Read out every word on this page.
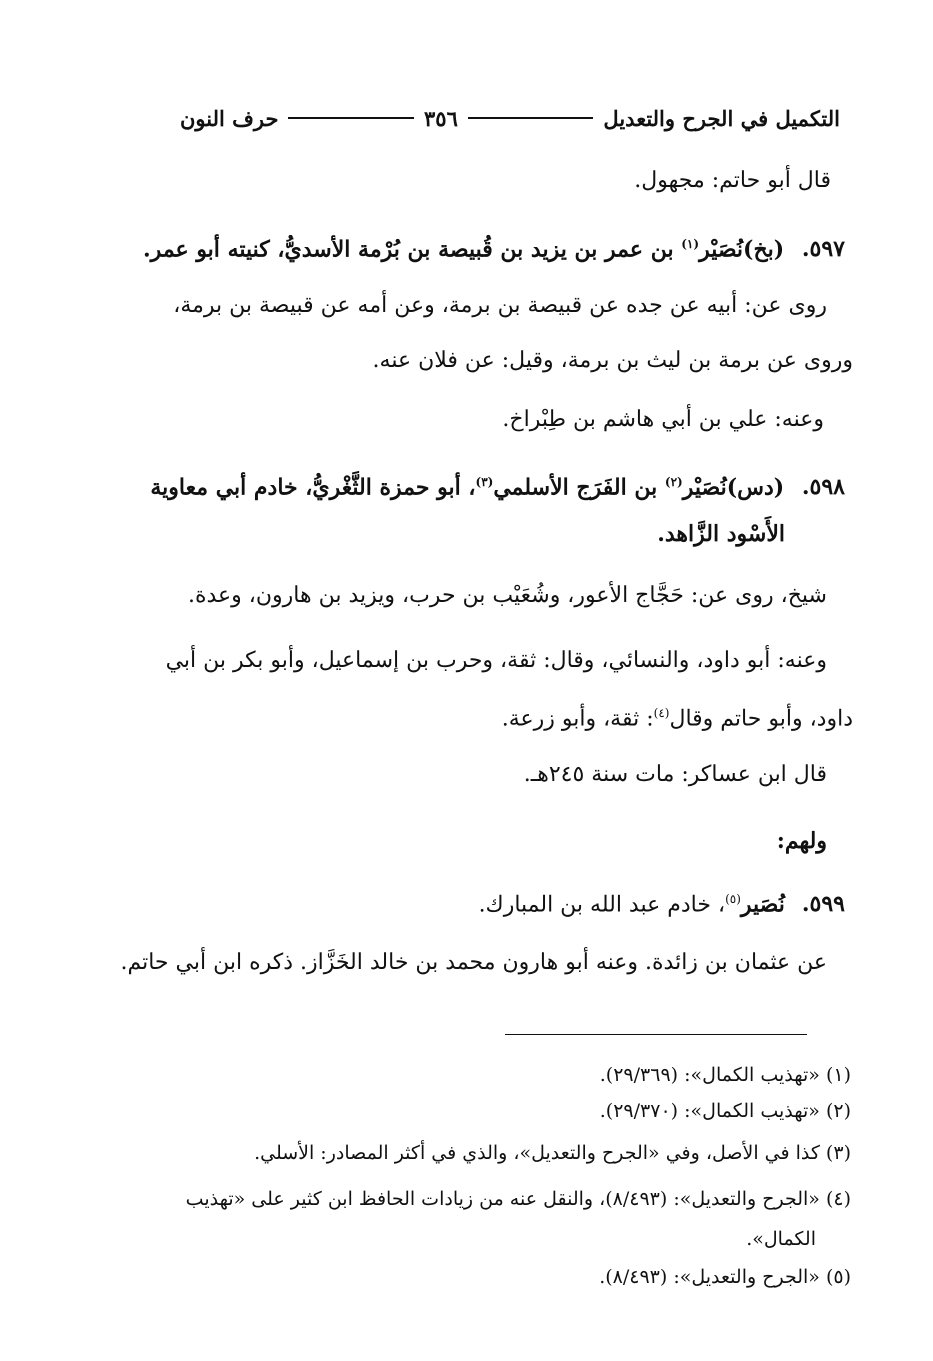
التكميل في الجرح والتعديل
٣٥٦
حرف النون
قال أبو حاتم: مجهول.
٥٩٧. (بخ)نُصَيْر$^{(١)}$ بن عمر بن يزيد بن قُبيصة بن بُرْمة الأسديُّ، كنيته أبو عمر.
روى عن: أبيه عن جده عن قبيصة بن برمة، وعن أمه عن قبيصة بن برمة،
وروى عن برمة بن ليث بن برمة، وقيل: عن فلان عنه.
وعنه: علي بن أبي هاشم بن طِبْراخ.
٥٩٨. (دس)نُصَيْر$^{(٢)}$ بن الفَرَج الأسلمي$^{(٣)}$، أبو حمزة الثَّغْريُّ، خادم أبي معاوية
الأَسْود الزَّاهد.
شيخ، روى عن: حَجَّاج الأعور، وشُعَيْب بن حرب، ويزيد بن هارون، وعدة.
وعنه: أبو داود، والنسائي، وقال: ثقة، وحرب بن إسماعيل، وأبو بكر بن أبي
داود، وأبو حاتم وقال$^{(٤)}$: ثقة، وأبو زرعة.
قال ابن عساكر: مات سنة ٢٤٥هـ.
ولهم:
٥٩٩. نُصَير$^{(٥)}$، خادم عبد الله بن المبارك.
عن عثمان بن زائدة. وعنه أبو هارون محمد بن خالد الخَزَّاز. ذكره ابن أبي حاتم.
(١) «تهذيب الكمال»: (٢٩/٣٦٩).
(٢) «تهذيب الكمال»: (٢٩/٣٧٠).
(٣) كذا في الأصل، وفي «الجرح والتعديل»، والذي في أكثر المصادر: الأسلي.
(٤) «الجرح والتعديل»: (٨/٤٩٣)، والنقل عنه من زيادات الحافظ ابن كثير على «تهذيب
الكمال».
(٥) «الجرح والتعديل»: (٨/٤٩٣).
